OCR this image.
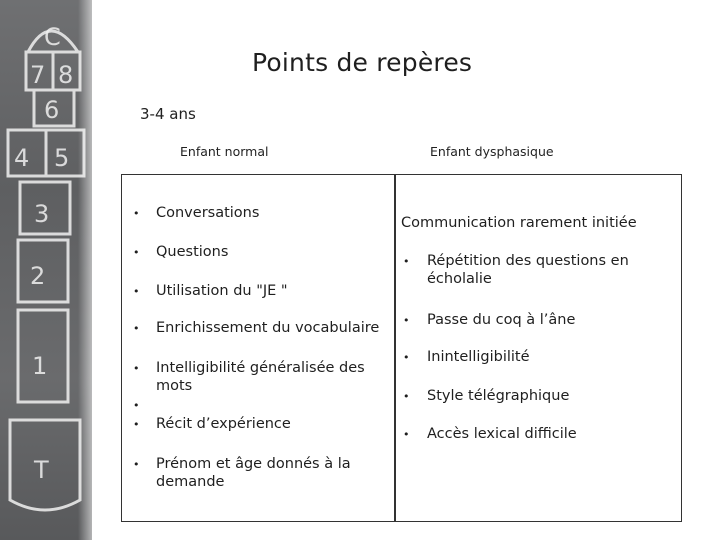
C
7 8
6
4 5
3
2
1
T
Points de repères
3-4 ans
Enfant normal	Enfant dysphasique
• Conversations
• Questions
• Utilisation du "JE "
• Enrichissement du vocabulaire
• Intelligibilité généralisée des mots
•
• Récit d’expérience
• Prénom et âge donnés à la demande
Communication rarement initiée
• Répétition des questions en écholalie
• Passe du coq à l’âne
• Inintelligibilité
• Style télégraphique
• Accès lexical difficile
